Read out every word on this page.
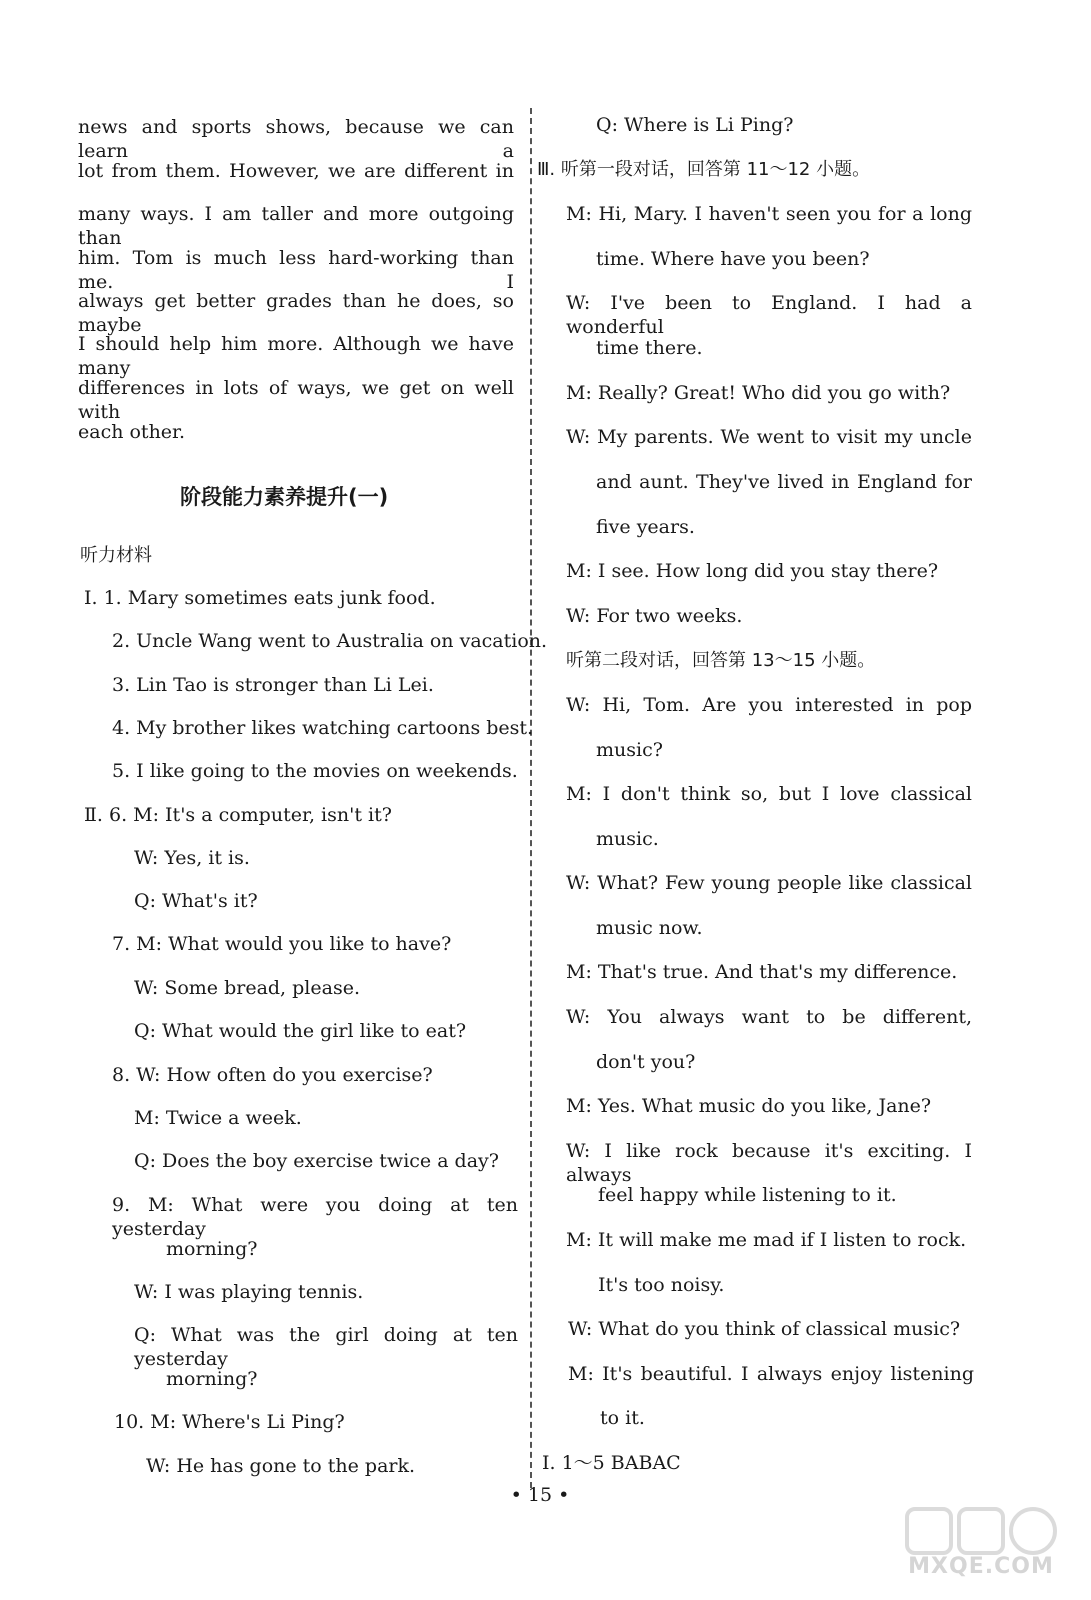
news and sports shows, because we can learn a
lot from them. However, we are different in
many ways. I am taller and more outgoing than
him. Tom is much less hard-working than me. I
always get better grades than he does, so maybe
I should help him more. Although we have many
differences in lots of ways, we get on well with
each other.
阶段能力素养提升(一)
听力材料
Ⅰ. 1. Mary sometimes eats junk food.
2. Uncle Wang went to Australia on vacation.
3. Lin Tao is stronger than Li Lei.
4. My brother likes watching cartoons best.
5. I like going to the movies on weekends.
Ⅱ. 6. M: It's a computer, isn't it?
W: Yes, it is.
Q: What's it?
7. M: What would you like to have?
W: Some bread, please.
Q: What would the girl like to eat?
8. W: How often do you exercise?
M: Twice a week.
Q: Does the boy exercise twice a day?
9. M: What were you doing at ten yesterday
morning?
W: I was playing tennis.
Q: What was the girl doing at ten yesterday
morning?
10. M: Where's Li Ping?
W: He has gone to the park.
Q: Where is Li Ping?
Ⅲ. 听第一段对话，回答第 11～12 小题。
M: Hi, Mary. I haven't seen you for a long
time. Where have you been?
W: I've been to England. I had a wonderful
time there.
M: Really? Great! Who did you go with?
W: My parents. We went to visit my uncle
and aunt. They've lived in England for
five years.
M: I see. How long did you stay there?
W: For two weeks.
听第二段对话，回答第 13～15 小题。
W: Hi, Tom. Are you interested in pop
music?
M: I don't think so, but I love classical
music.
W: What? Few young people like classical
music now.
M: That's true. And that's my difference.
W: You always want to be different,
don't you?
M: Yes. What music do you like, Jane?
W: I like rock because it's exciting. I always
feel happy while listening to it.
M: It will make me mad if I listen to rock.
It's too noisy.
W: What do you think of classical music?
M: It's beautiful. I always enjoy listening
to it.
Ⅰ. 1～5 BABAC
• 15 •
MXQE.COM
